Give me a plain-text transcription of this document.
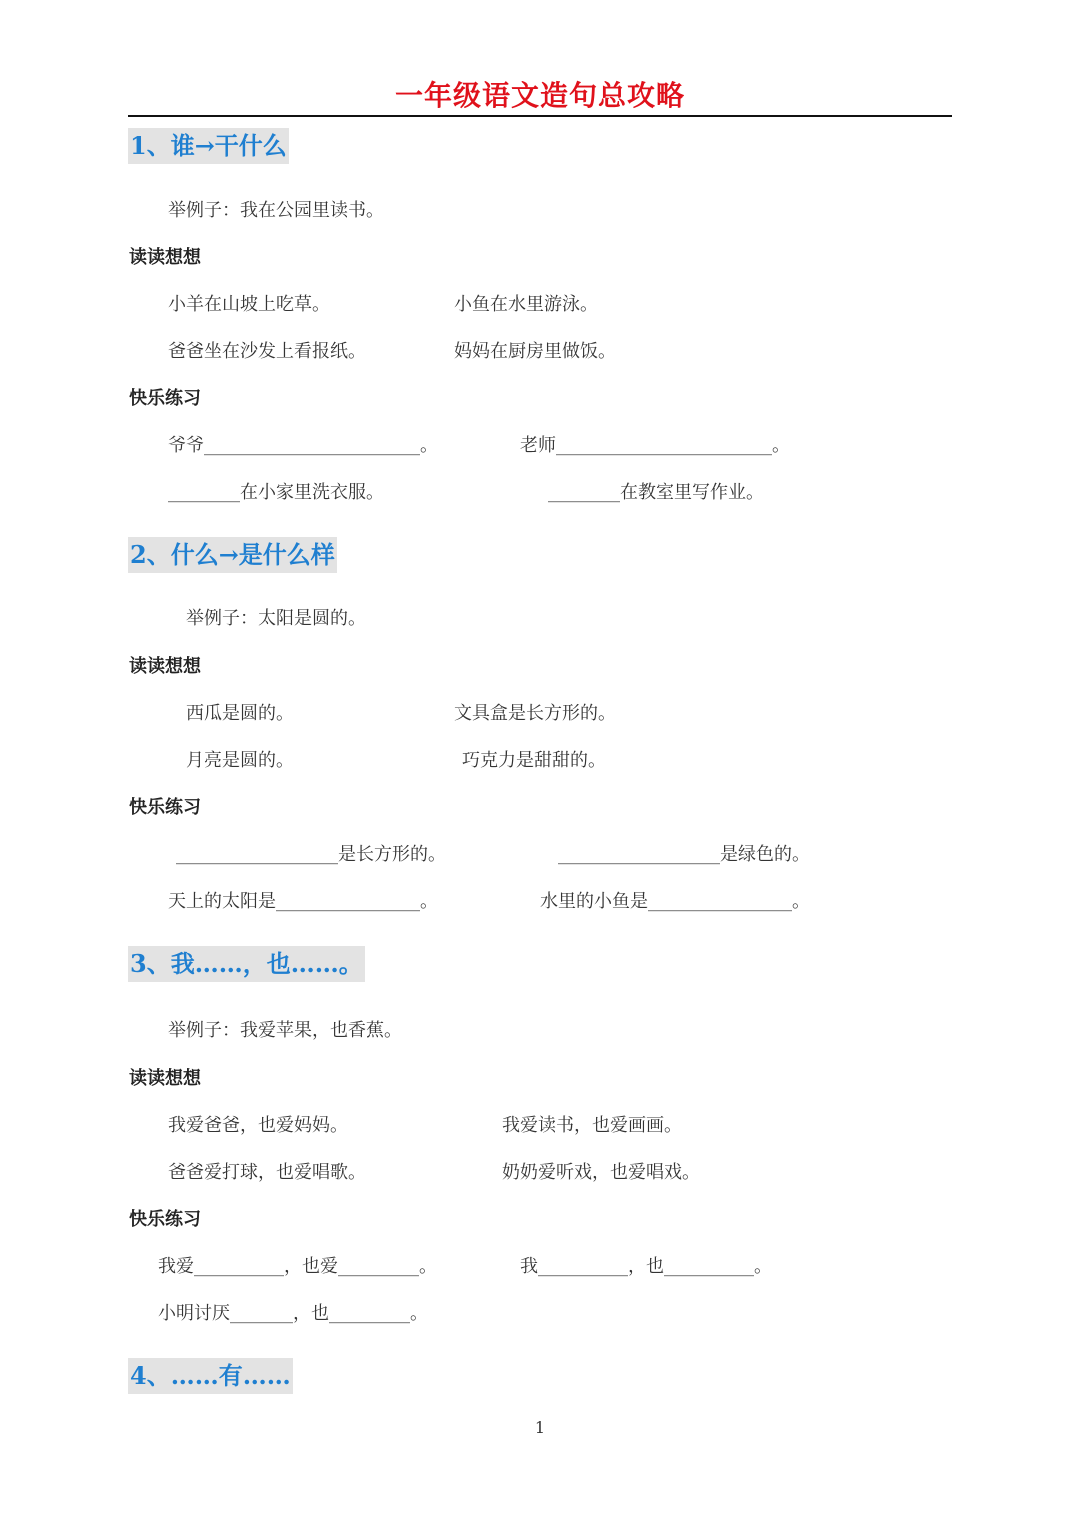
一年级语文造句总攻略
1、谁→干什么
举例子：我在公园里读书。
读读想想
小羊在山坡上吃草。	小鱼在水里游泳。
爸爸坐在沙发上看报纸。	妈妈在厨房里做饭。
快乐练习
爷爷________________________。	老师________________________。
________在小家里洗衣服。	________在教室里写作业。
2、什么→是什么样
举例子：太阳是圆的。
读读想想
西瓜是圆的。	文具盒是长方形的。
月亮是圆的。	巧克力是甜甜的。
快乐练习
__________________是长方形的。	__________________是绿色的。
天上的太阳是________________。	水里的小鱼是________________。
3、我……，也……。
举例子：我爱苹果，也香蕉。
读读想想
我爱爸爸，也爱妈妈。	我爱读书，也爱画画。
爸爸爱打球，也爱唱歌。	奶奶爱听戏，也爱唱戏。
快乐练习
我爱__________，也爱_________。	我__________，也__________。
小明讨厌_______，也_________。
4、……有……
1
